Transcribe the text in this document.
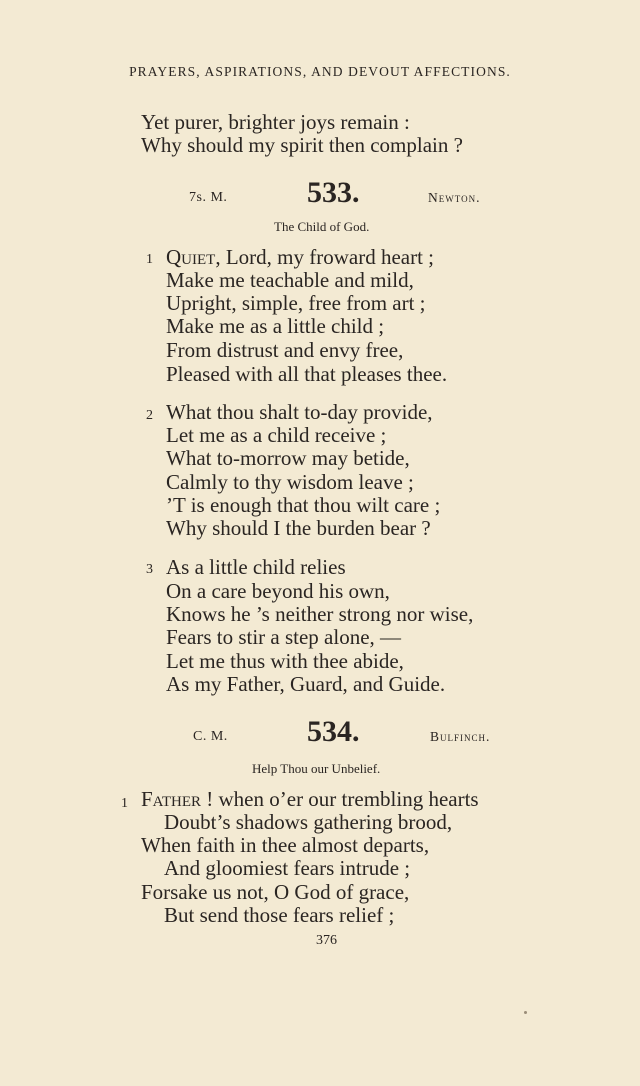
PRAYERS, ASPIRATIONS, AND DEVOUT AFFECTIONS.
Yet purer, brighter joys remain :
Why should my spirit then complain ?
7s. M.	533.	Newton.
The Child of God.
1 Quiet, Lord, my froward heart ;
Make me teachable and mild,
Upright, simple, free from art ;
Make me as a little child ;
From distrust and envy free,
Pleased with all that pleases thee.
2 What thou shalt to-day provide,
Let me as a child receive ;
What to-morrow may betide,
Calmly to thy wisdom leave ;
’T is enough that thou wilt care ;
Why should I the burden bear ?
3 As a little child relies
On a care beyond his own,
Knows he ’s neither strong nor wise,
Fears to stir a step alone, —
Let me thus with thee abide,
As my Father, Guard, and Guide.
C. M.	534.	Bulfinch.
Help Thou our Unbelief.
1 Father ! when o’er our trembling hearts
Doubt’s shadows gathering brood,
When faith in thee almost departs,
And gloomiest fears intrude ;
Forsake us not, O God of grace,
But send those fears relief ;
376
